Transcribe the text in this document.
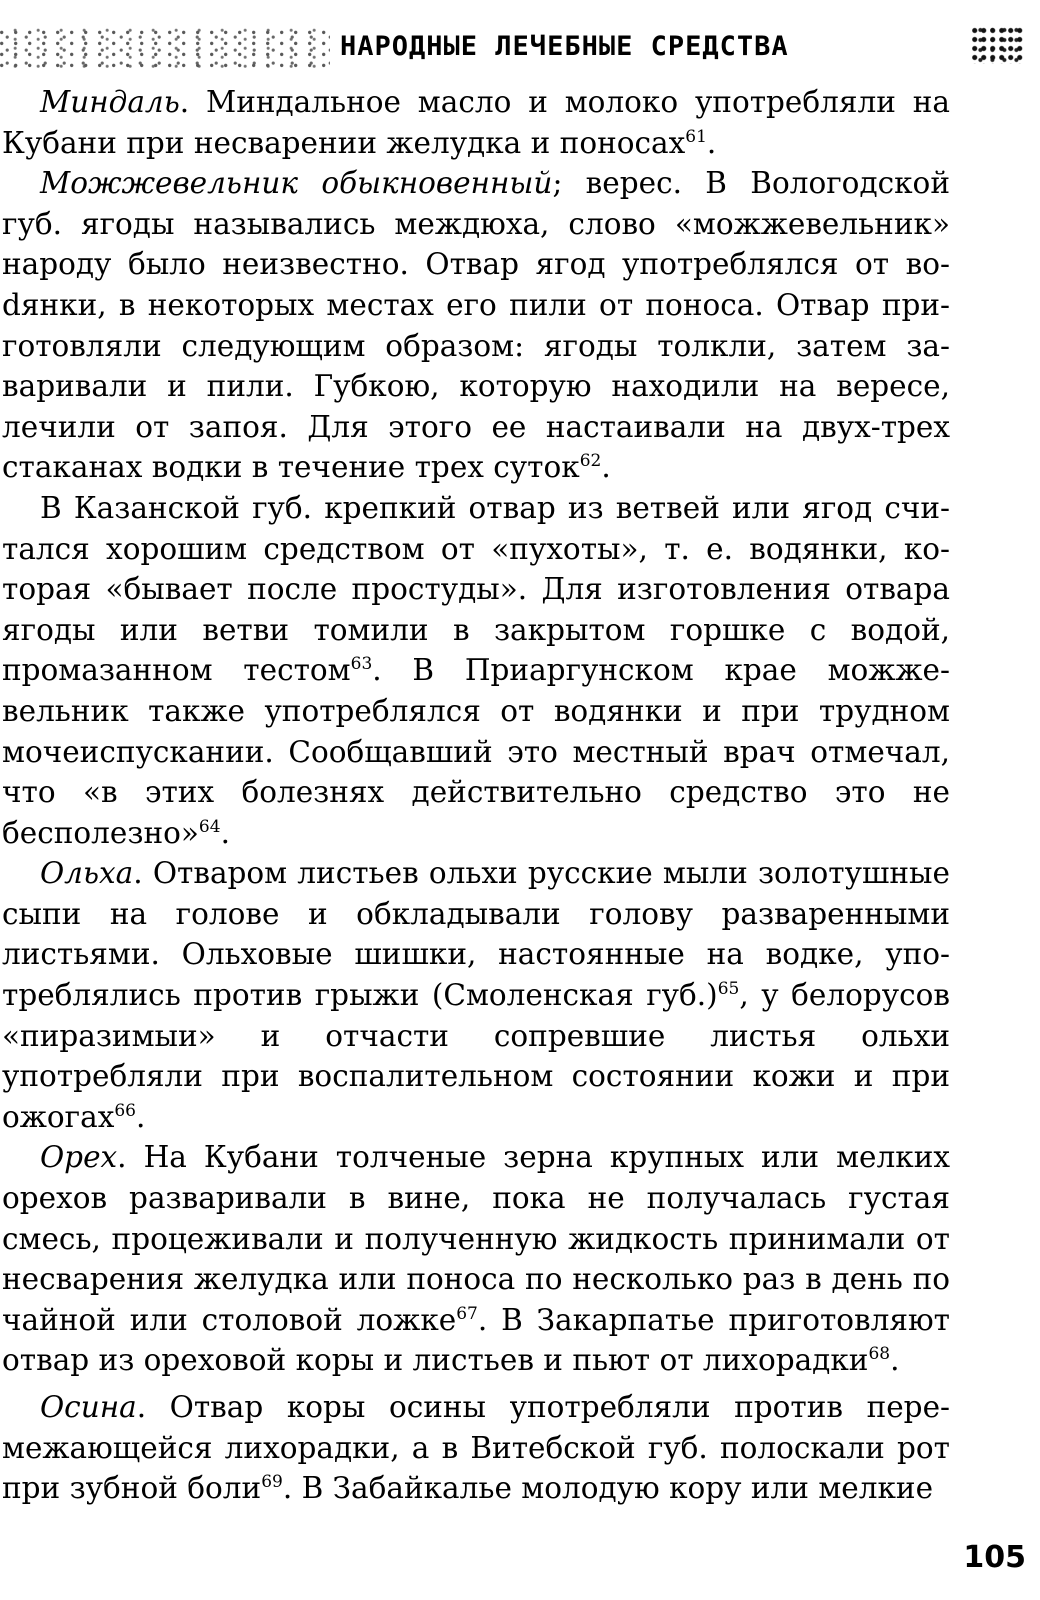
НАРОДНЫЕ ЛЕЧЕБНЫЕ СРЕДСТВА

Миндаль. Миндальное масло и молоко употребляли на Кубани при несварении желудка и поносах$^{61}$.

Можжевельник обыкновенный; верес. В Вологодской губ. ягоды назывались междюха, слово «можжевельник» народу было неизвестно. Отвар ягод употреблялся от воdянки, в некоторых местах его пили от поноса. Отвар приготовляли следующим образом: ягоды толкли, затем заваривали и пили. Губкою, которую находили на вересе, лечили от запоя. Для этого ее настаивали на двух-трех стаканах водки в течение трех суток$^{62}$.

В Казанской губ. крепкий отвар из ветвей или ягод считался хорошим средством от «пухоты», т. е. водянки, которая «бывает после простуды». Для изготовления отвара ягоды или ветви томили в закрытом горшке с водой, промазанном тестом$^{63}$. В Приаргунском крае можжевельник также употреблялся от водянки и при трудном мочеиспускании. Сообщавший это местный врач отмечал, что «в этих болезнях действительно средство это не бесполезно»$^{64}$.

Ольха. Отваром листьев ольхи русские мыли золотушные сыпи на голове и обкладывали голову разваренными листьями. Ольховые шишки, настоянные на водке, употреблялись против грыжи (Смоленская губ.)$^{65}$, у белорусов «пиразимыи» и отчасти сопревшие листья ольхи употребляли при воспалительном состоянии кожи и при ожогах$^{66}$.

Орех. На Кубани толченые зерна крупных или мелких орехов разваривали в вине, пока не получалась густая смесь, процеживали и полученную жидкость принимали от несварения желудка или поноса по несколько раз в день по чайной или столовой ложке$^{67}$. В Закарпатье приготовляют отвар из ореховой коры и листьев и пьют от лихорадки$^{68}$.

Осина. Отвар коры осины употребляли против перемежающейся лихорадки, а в Витебской губ. полоскали рот при зубной боли$^{69}$. В Забайкалье молодую кору или мелкие

105
